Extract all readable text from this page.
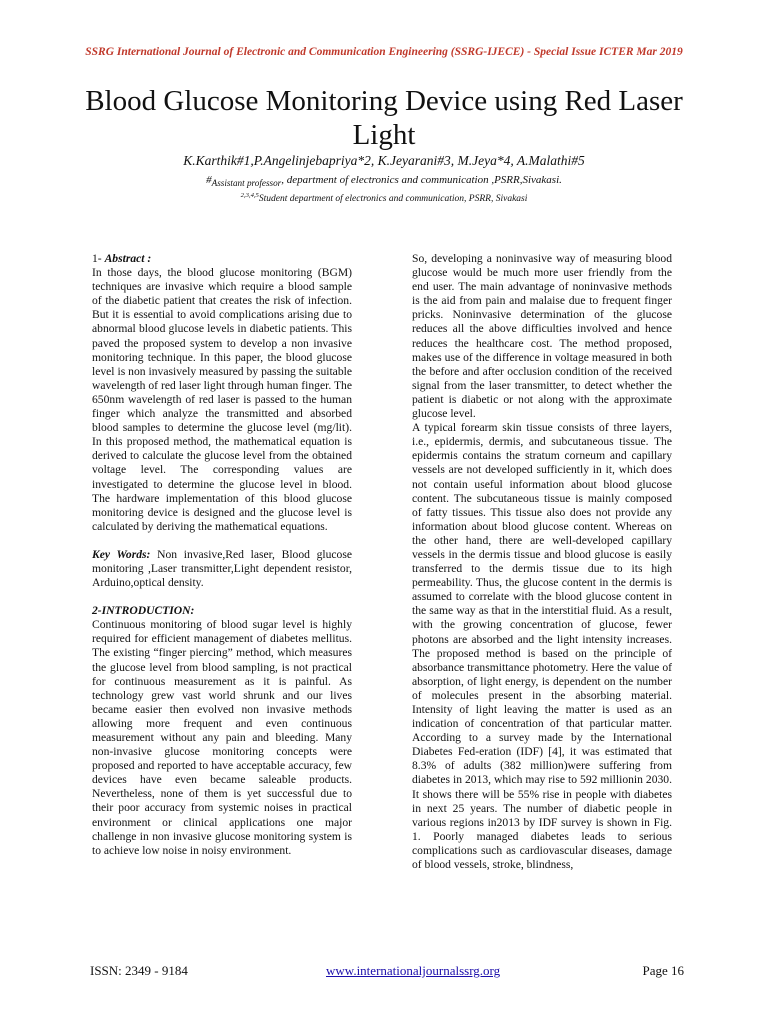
SSRG International Journal of Electronic and Communication Engineering (SSRG-IJECE) - Special Issue ICTER Mar 2019
Blood Glucose Monitoring Device using Red Laser Light
K.Karthik#1,P.Angelinjebapriya*2, K.Jeyarani#3, M.Jeya*4, A.Malathi#5
$\#_{Assistant professor}$, department of electronics and communication ,PSRR,Sivakasi.
$^{2,3,4,5}$Student department of electronics and communication, PSRR, Sivakasi

1- Abstract :

In those days, the blood glucose monitoring (BGM) techniques are invasive which require a blood sample of the diabetic patient that creates the risk of infection. But it is essential to avoid complications arising due to abnormal blood glucose levels in diabetic patients. This paved the proposed system to develop a non invasive monitoring technique. In this paper, the blood glucose level is non invasively measured by passing the suitable wavelength of red laser light through human finger. The 650nm wavelength of red laser is passed to the human finger which analyze the transmitted and absorbed blood samples to determine the glucose level (mg/lit). In this proposed method, the mathematical equation is derived to calculate the glucose level from the obtained voltage level. The corresponding values are investigated to determine the glucose level in blood. The hardware implementation of this blood glucose monitoring device is designed and the glucose level is calculated by deriving the mathematical equations.

Key Words: Non invasive,Red laser, Blood glucose monitoring ,Laser transmitter,Light dependent resistor, Arduino,optical density.

2-INTRODUCTION:

Continuous monitoring of blood sugar level is highly required for efficient management of diabetes mellitus. The existing “finger piercing” method, which measures the glucose level from blood sampling, is not practical for continuous measurement as it is painful. As technology grew vast world shrunk and our lives became easier then evolved non invasive methods allowing more frequent and even continuous measurement without any pain and bleeding. Many non-invasive glucose monitoring concepts were proposed and reported to have acceptable accuracy, few devices have even became saleable products. Nevertheless, none of them is yet successful due to their poor accuracy from systemic noises in practical environment or clinical applications one major challenge in non invasive glucose monitoring system is to achieve low noise in noisy environment.

So, developing a noninvasive way of measuring blood glucose would be much more user friendly from the end user. The main advantage of noninvasive methods is the aid from pain and malaise due to frequent finger pricks. Noninvasive determination of the glucose reduces all the above difficulties involved and hence reduces the healthcare cost. The method proposed, makes use of the difference in voltage measured in both the before and after occlusion condition of the received signal from the laser transmitter, to detect whether the patient is diabetic or not along with the approximate glucose level.

A typical forearm skin tissue consists of three layers, i.e., epidermis, dermis, and subcutaneous tissue. The epidermis contains the stratum corneum and capillary vessels are not developed sufficiently in it, which does not contain useful information about blood glucose content. The subcutaneous tissue is mainly composed of fatty tissues. This tissue also does not provide any information about blood glucose content. Whereas on the other hand, there are well-developed capillary vessels in the dermis tissue and blood glucose is easily transferred to the dermis tissue due to its high permeability. Thus, the glucose content in the dermis is assumed to correlate with the blood glucose content in the same way as that in the interstitial fluid. As a result, with the growing concentration of glucose, fewer photons are absorbed and the light intensity increases. The proposed method is based on the principle of absorbance transmittance photometry. Here the value of absorption, of light energy, is dependent on the number of molecules present in the absorbing material. Intensity of light leaving the matter is used as an indication of concentration of that particular matter. According to a survey made by the International Diabetes Fed-eration (IDF) [4], it was estimated that 8.3% of adults (382 million)were suffering from diabetes in 2013, which may rise to 592 millionin 2030. It shows there will be 55% rise in people with diabetes in next 25 years. The number of diabetic people in various regions in2013 by IDF survey is shown in Fig. 1. Poorly managed diabetes leads to serious complications such as cardiovascular diseases, damage of blood vessels, stroke, blindness,

ISSN: 2349 - 9184	www.internationaljournalssrg.org	Page 16
